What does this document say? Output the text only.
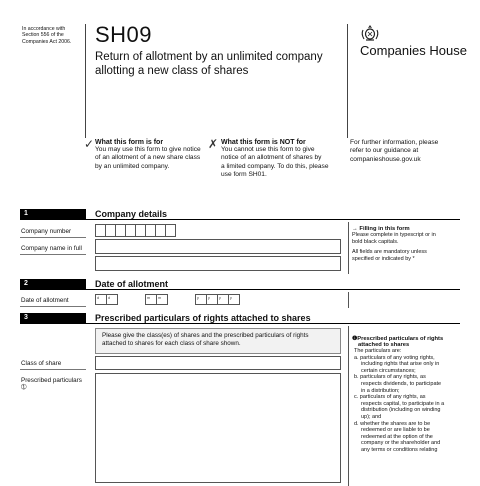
In accordance with
Section 556 of the
Companies Act 2006. SH09
Return of allotment by an unlimited company
allotting a new class of shares
Companies House
✓ What this form is for
You may use this form to give notice
of an allotment of a new share class
by an unlimited company.
✗ What this form is NOT for
You cannot use this form to give
notice of an allotment of shares by
a limited company. To do this, please
use form SH01.
For further information, please
refer to our guidance at
companieshouse.gov.uk
1	Company details
Company number
Company name in full
→ Filling in this form
Please complete in typescript or in
bold black capitals.
All fields are mandatory unless
specified or indicated by *
2	Date of allotment
Date of allotment	d	d	m	m	y	y	y	y
3	Prescribed particulars of rights attached to shares
Please give the class(es) of shares and the prescribed particulars of rights
attached to shares for each class of share shown.
Class of share
Prescribed particulars
➀
❶Prescribed particulars of rights
attached to shares
The particulars are:
a. particulars of any voting rights,
including rights that arise only in
certain circumstances;
b. particulars of any rights, as
respects dividends, to participate
in a distribution;
c. particulars of any rights, as
respects capital, to participate in a
distribution (including on winding
up); and
d. whether the shares are to be
redeemed or are liable to be
redeemed at the option of the
company or the shareholder and
any terms or conditions relating
